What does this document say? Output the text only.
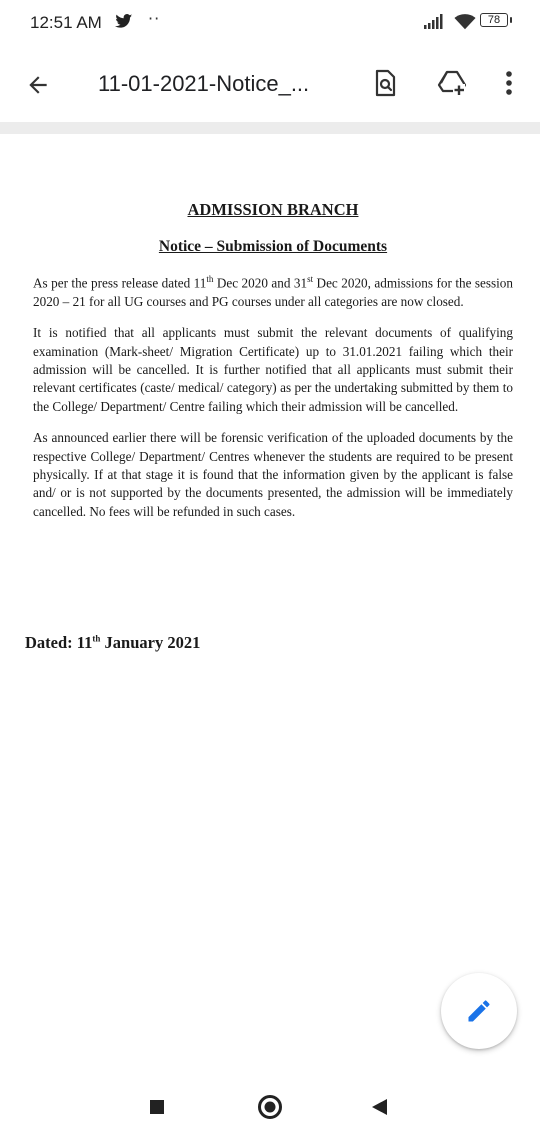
12:51 AM	··	78
11-01-2021-Notice_...

ADMISSION BRANCH

Notice – Submission of Documents

As per the press release dated 11th Dec 2020 and 31st Dec 2020, admissions for the session 2020 – 21 for all UG courses and PG courses under all categories are now closed.

It is notified that all applicants must submit the relevant documents of qualifying examination (Mark-sheet/ Migration Certificate) up to 31.01.2021 failing which their admission will be cancelled. It is further notified that all applicants must submit their relevant certificates (caste/ medical/ category) as per the undertaking submitted by them to the College/ Department/ Centre failing which their admission will be cancelled.

As announced earlier there will be forensic verification of the uploaded documents by the respective College/ Department/ Centres whenever the students are required to be present physically. If at that stage it is found that the information given by the applicant is false and/ or is not supported by the documents presented, the admission will be immediately cancelled. No fees will be refunded in such cases.

Dated: 11th January 2021
